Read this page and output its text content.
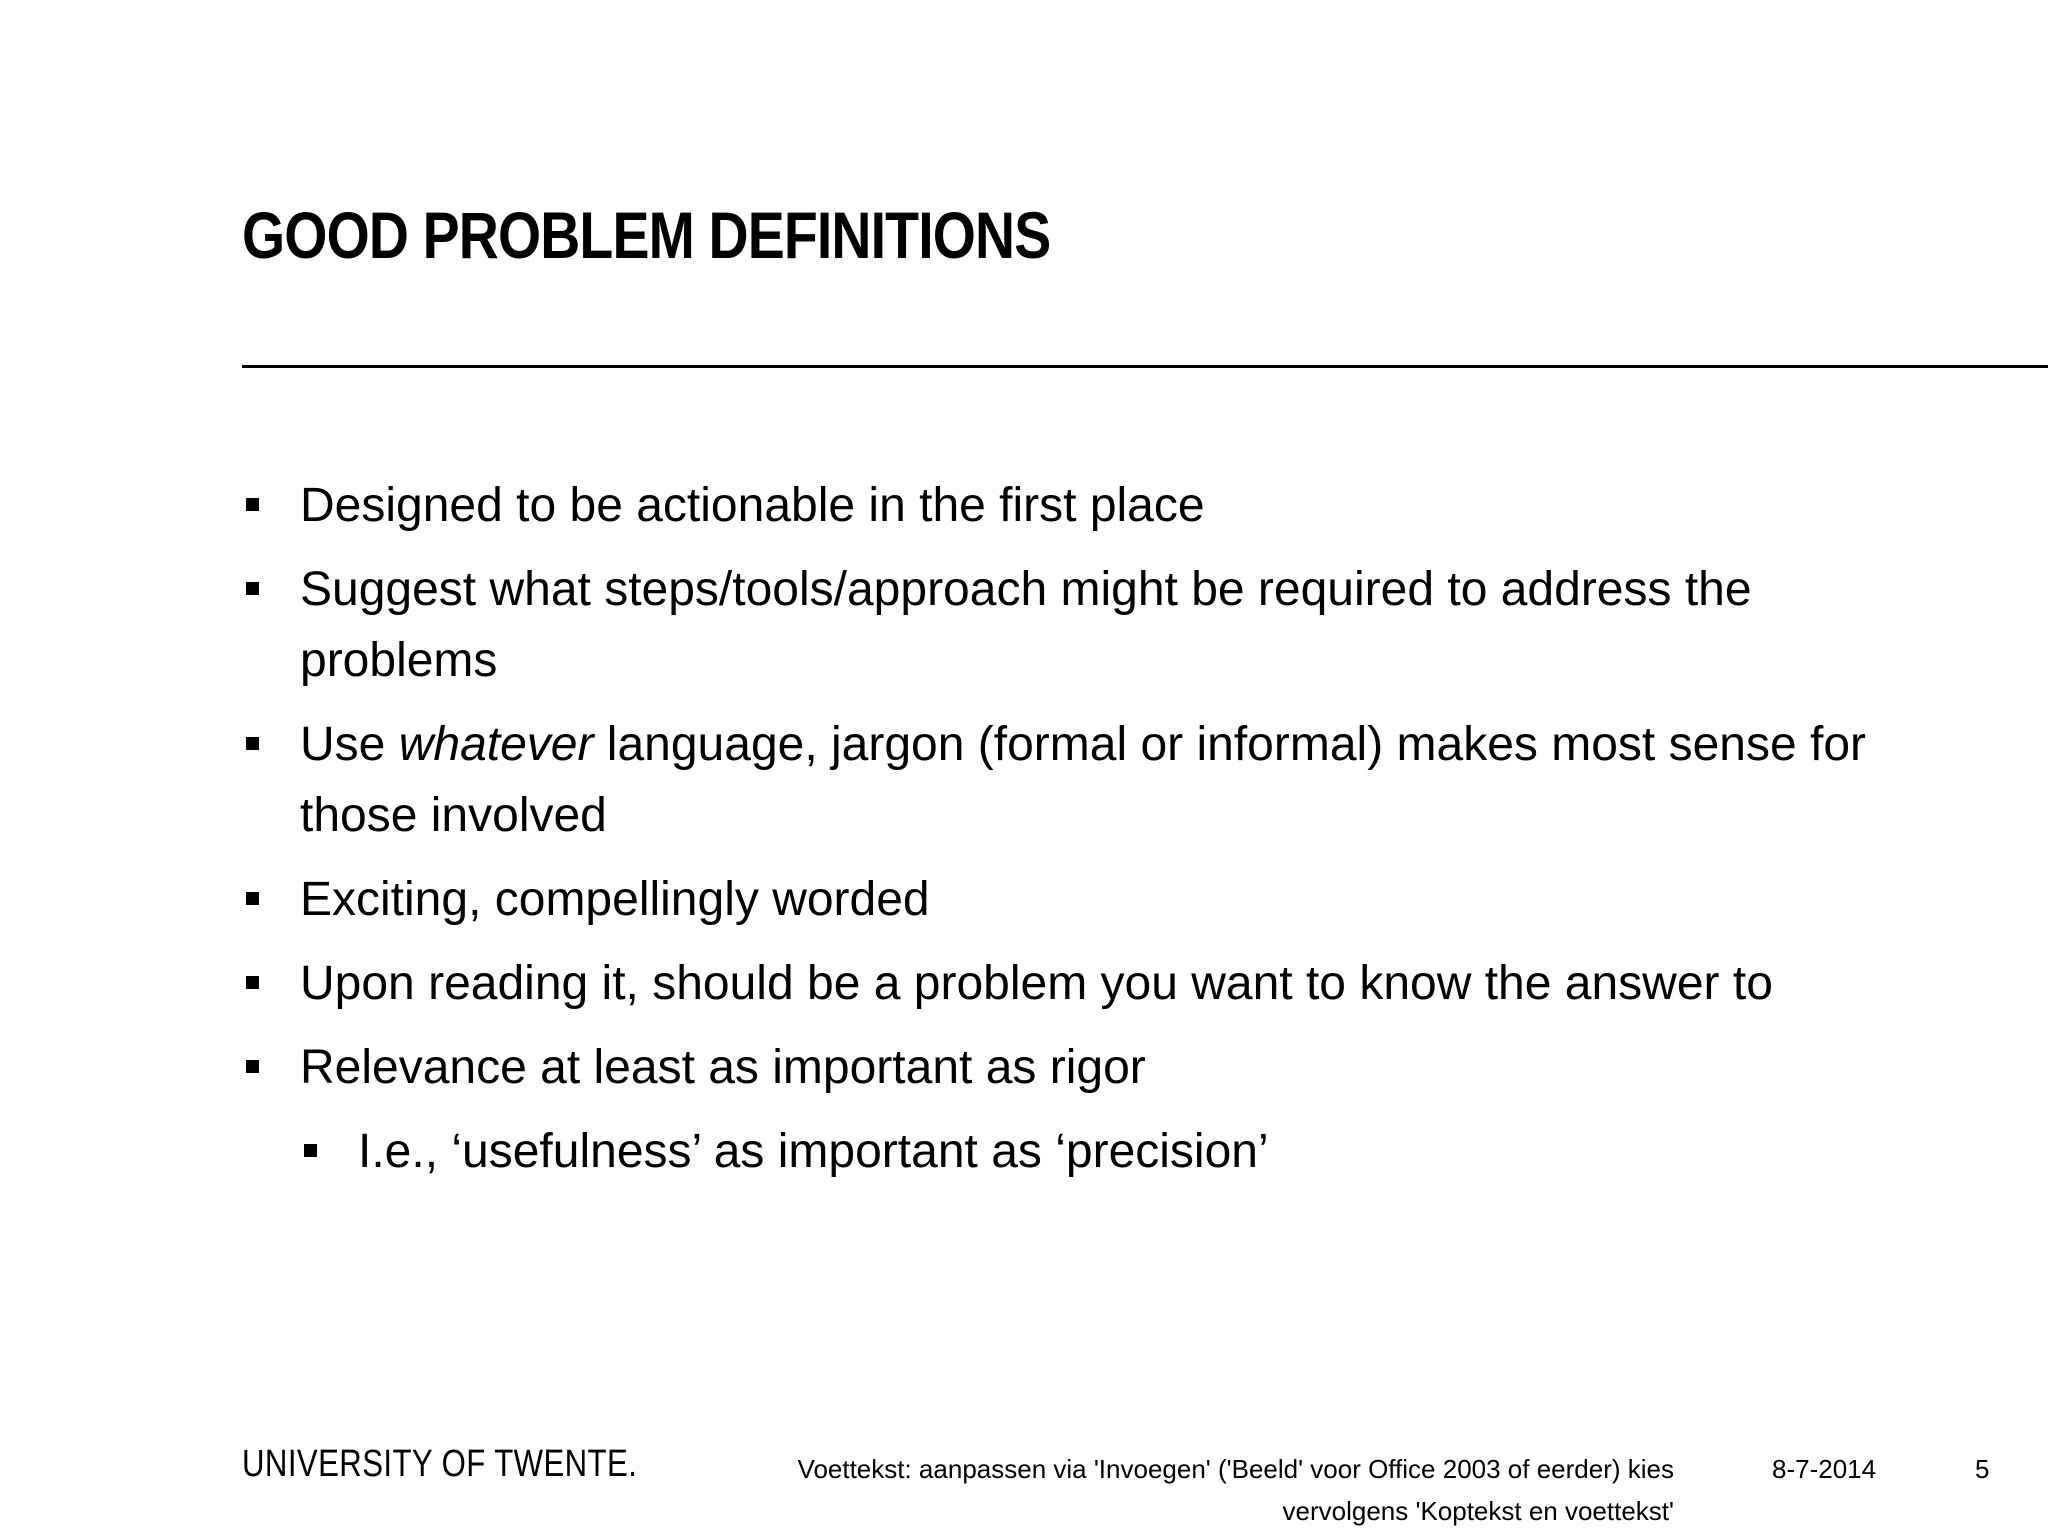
GOOD PROBLEM DEFINITIONS
Designed to be actionable in the first place
Suggest what steps/tools/approach might be required to address the problems
Use whatever language, jargon (formal or informal) makes most sense for those involved
Exciting, compellingly worded
Upon reading it, should be a problem you want to know the answer to
Relevance at least as important as rigor
I.e., ‘usefulness’ as important as ‘precision’
UNIVERSITY OF TWENTE.	Voettekst: aanpassen via 'Invoegen' ('Beeld' voor Office 2003 of eerder) kies vervolgens 'Koptekst en voettekst'
8-7-2014	5
